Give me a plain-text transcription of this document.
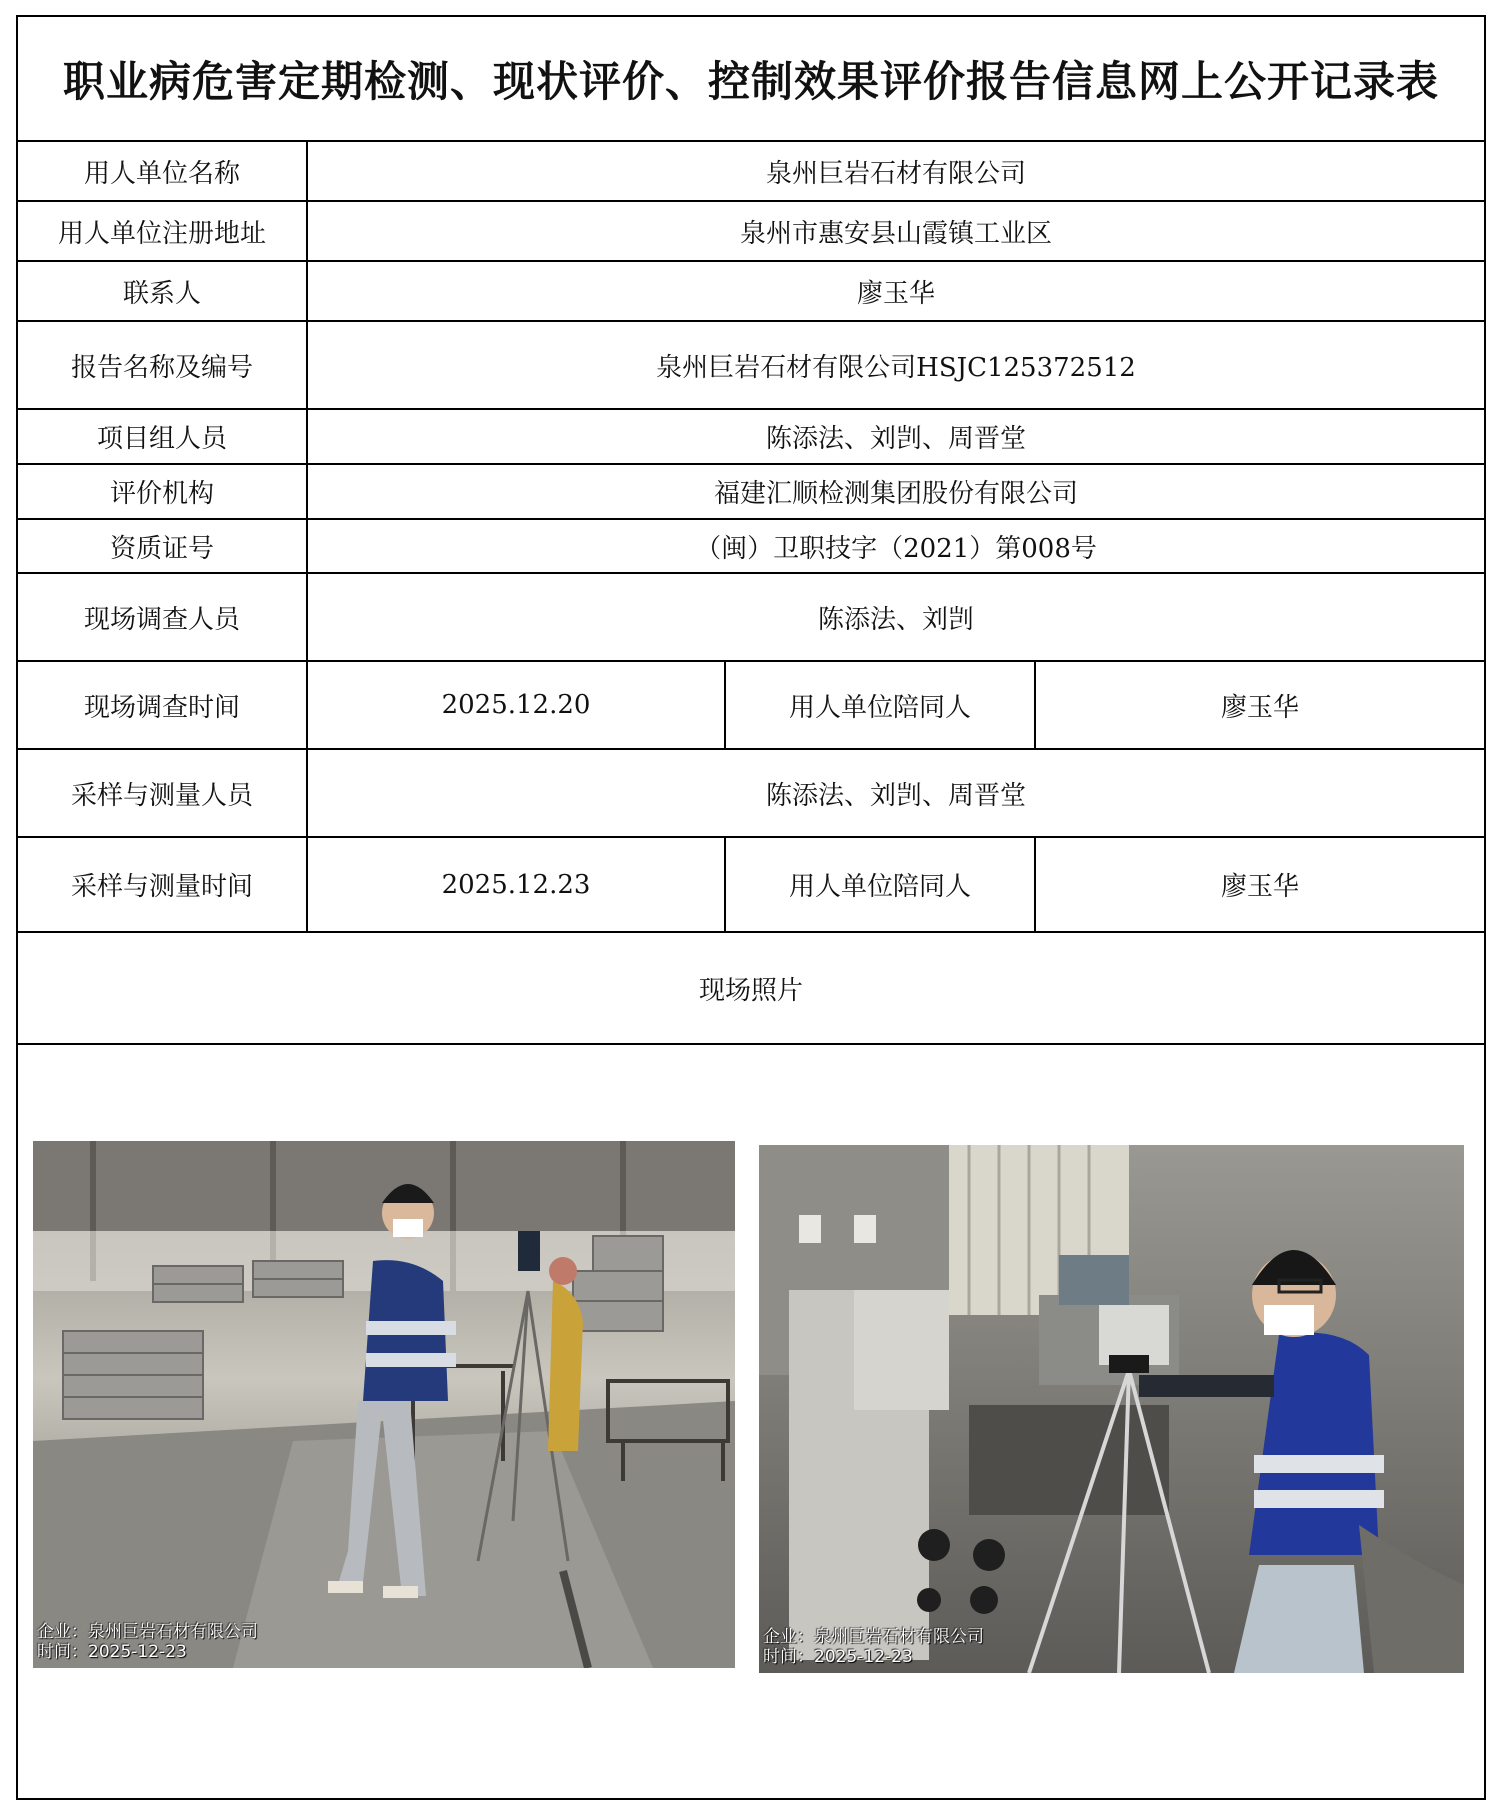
职业病危害定期检测、现状评价、控制效果评价报告信息网上公开记录表
用人单位名称	泉州巨岩石材有限公司
用人单位注册地址	泉州市惠安县山霞镇工业区
联系人	廖玉华
报告名称及编号	泉州巨岩石材有限公司HSJC125372512
项目组人员	陈添法、刘剀、周晋堂
评价机构	福建汇顺检测集团股份有限公司
资质证号	（闽）卫职技字（2021）第008号
现场调查人员	陈添法、刘剀
现场调查时间	2025.12.20	用人单位陪同人	廖玉华
采样与测量人员	陈添法、刘剀、周晋堂
采样与测量时间	2025.12.23	用人单位陪同人	廖玉华
现场照片
企业：泉州巨岩石材有限公司
时间：2025-12-23
企业：泉州巨岩石材有限公司
时间：2025-12-23
